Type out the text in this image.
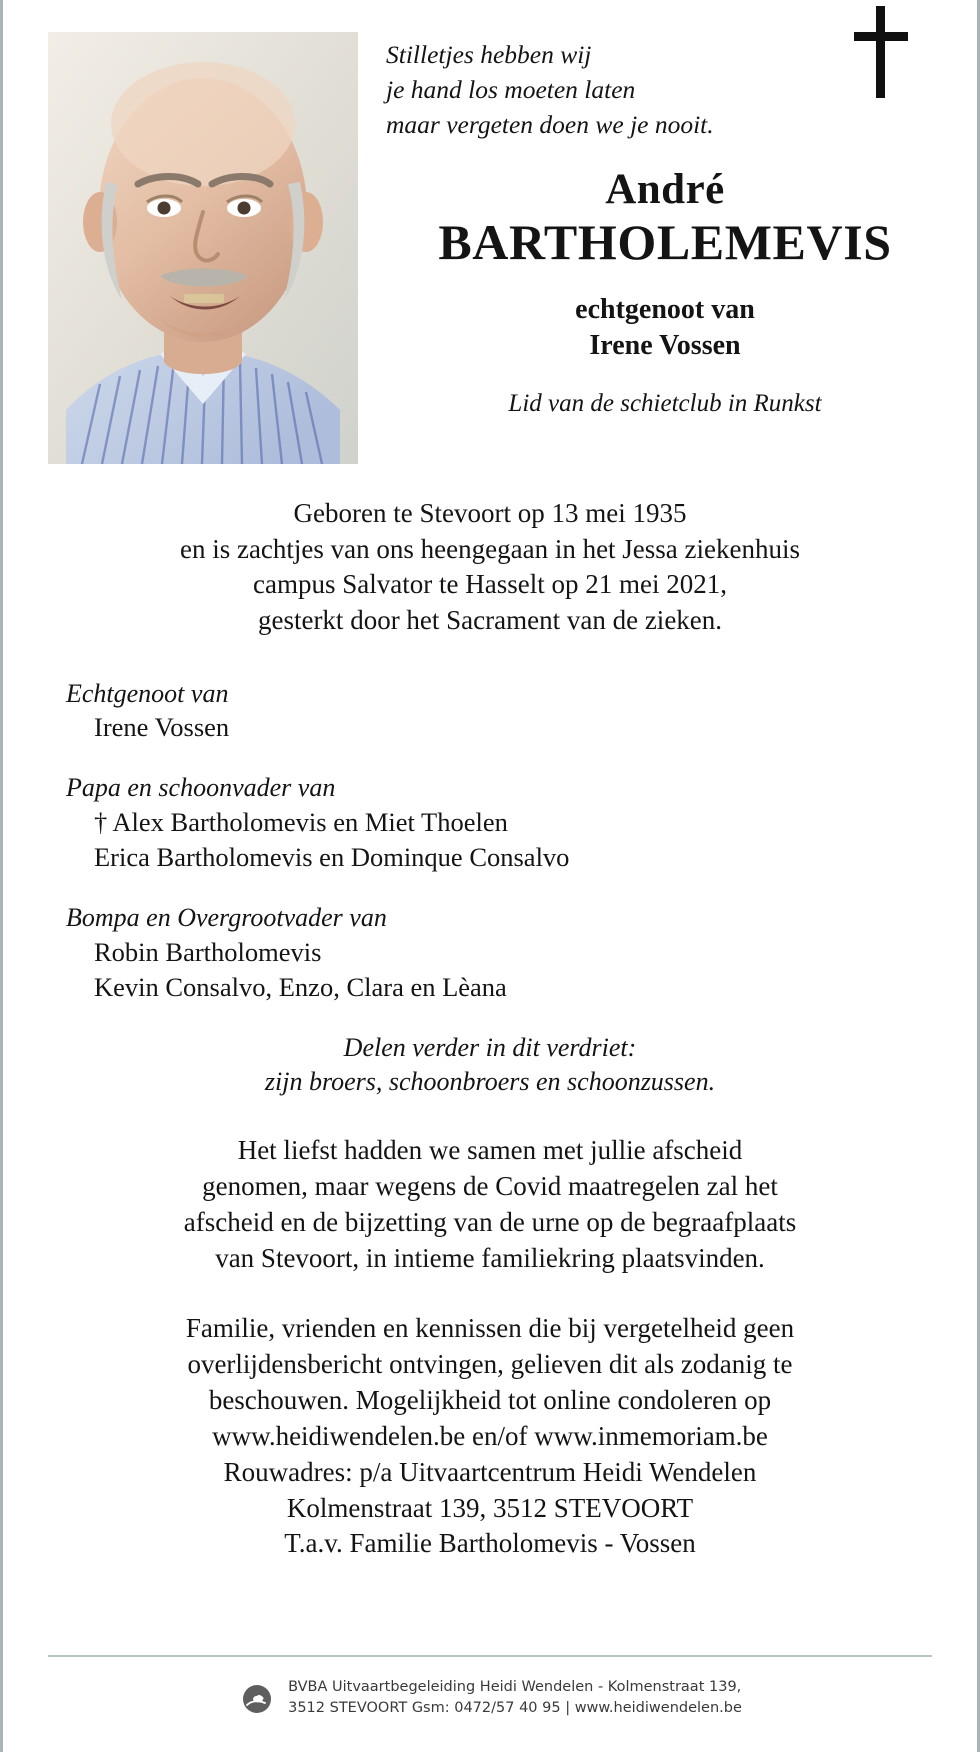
Stilletjes hebben wij
je hand los moeten laten
maar vergeten doen we je nooit.
André
BARTHOLEMEVIS
echtgenoot van
Irene Vossen
Lid van de schietclub in Runkst
Geboren te Stevoort op 13 mei 1935
en is zachtjes van ons heengegaan in het Jessa ziekenhuis
campus Salvator te Hasselt op 21 mei 2021,
gesterkt door het Sacrament van de zieken.
Echtgenoot van
Irene Vossen
Papa en schoonvader van
† Alex Bartholomevis en Miet Thoelen
Erica Bartholomevis en Dominque Consalvo
Bompa en Overgrootvader van
Robin Bartholomevis
Kevin Consalvo, Enzo, Clara en Lèana
Delen verder in dit verdriet:
zijn broers, schoonbroers en schoonzussen.
Het liefst hadden we samen met jullie afscheid
genomen, maar wegens de Covid maatregelen zal het
afscheid en de bijzetting van de urne op de begraafplaats
van Stevoort, in intieme familiekring plaatsvinden.
Familie, vrienden en kennissen die bij vergetelheid geen
overlijdensbericht ontvingen, gelieven dit als zodanig te
beschouwen. Mogelijkheid tot online condoleren op
www.heidiwendelen.be en/of www.inmemoriam.be
Rouwadres: p/a Uitvaartcentrum Heidi Wendelen
Kolmenstraat 139, 3512 STEVOORT
T.a.v. Familie Bartholomevis - Vossen
BVBA Uitvaartbegeleiding Heidi Wendelen - Kolmenstraat 139,
3512 STEVOORT Gsm: 0472/57 40 95 | www.heidiwendelen.be
